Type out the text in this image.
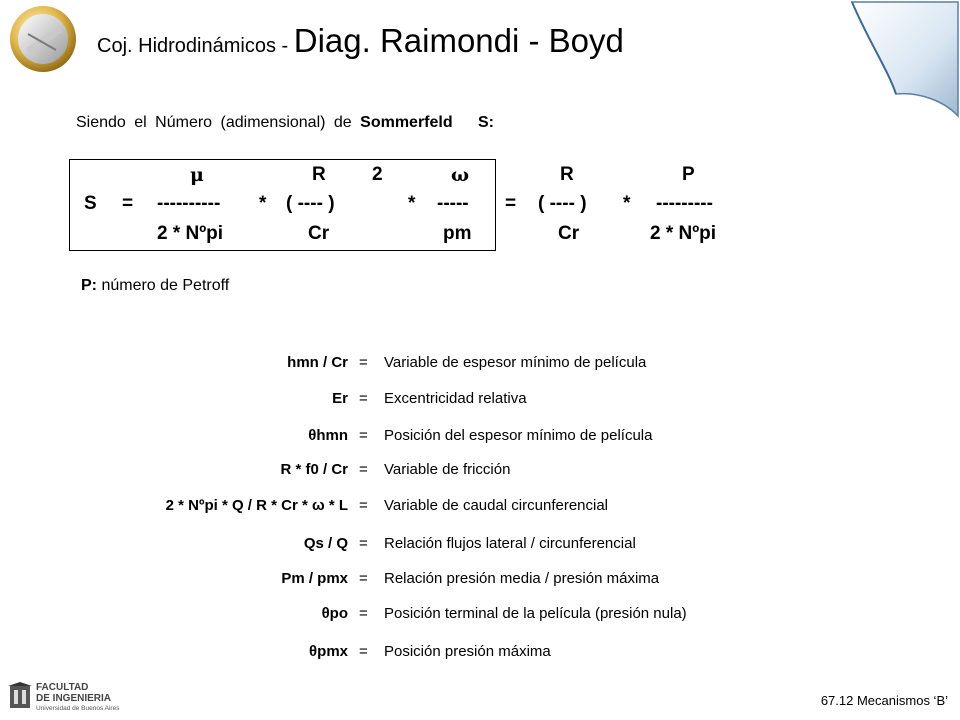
Coj. Hidrodinámicos - Diag. Raimondi - Boyd
Siendo el Número (adimensional) de Sommerfeld S:
μ	R 2	ω	R	P
S = ---------- * ( ---- )	* ----- = ( ---- ) * ---------
2 * Nºpi	Cr	pm	Cr	2 * Nºpi
P: número de Petroff
hmn / Cr = Variable de espesor mínimo de película
Er = Excentricidad relativa
θhmn = Posición del espesor mínimo de película
R * f0 / Cr = Variable de fricción
2 * Nºpi * Q / R * Cr * ω * L = Variable de caudal circunferencial
Qs / Q = Relación flujos lateral / circunferencial
Pm / pmx = Relación presión media / presión máxima
θpo = Posición terminal de la película (presión nula)
θpmx = Posición presión máxima
FACULTAD
DE INGENIERIA
Universidad de Buenos Aires
67.12 Mecanismos ‘B’
